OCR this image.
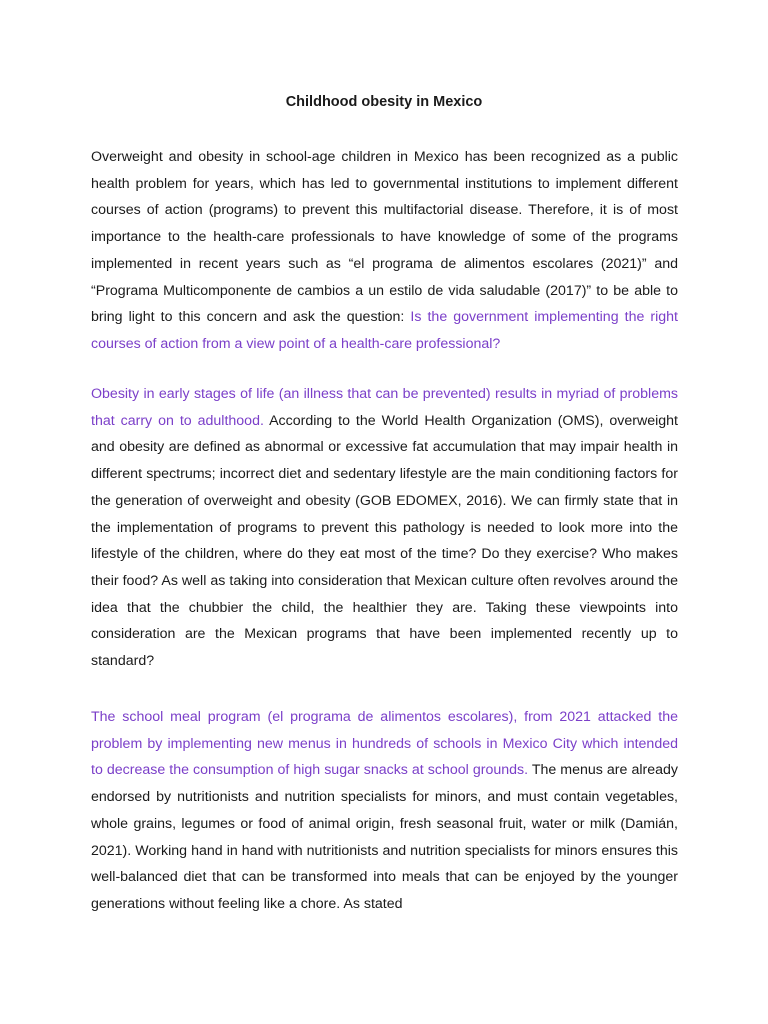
Childhood obesity in Mexico

Overweight and obesity in school-age children in Mexico has been recognized as a public health problem for years, which has led to governmental institutions to implement different courses of action (programs) to prevent this multifactorial disease. Therefore, it is of most importance to the health-care professionals to have knowledge of some of the programs implemented in recent years such as “el programa de alimentos escolares (2021)” and “Programa Multicomponente de cambios a un estilo de vida saludable (2017)” to be able to bring light to this concern and ask the question: Is the government implementing the right courses of action from a view point of a health-care professional?

Obesity in early stages of life (an illness that can be prevented) results in myriad of problems that carry on to adulthood. According to the World Health Organization (OMS), overweight and obesity are defined as abnormal or excessive fat accumulation that may impair health in different spectrums; incorrect diet and sedentary lifestyle are the main conditioning factors for the generation of overweight and obesity (GOB EDOMEX, 2016). We can firmly state that in the implementation of programs to prevent this pathology is needed to look more into the lifestyle of the children, where do they eat most of the time? Do they exercise? Who makes their food? As well as taking into consideration that Mexican culture often revolves around the idea that the chubbier the child, the healthier they are. Taking these viewpoints into consideration are the Mexican programs that have been implemented recently up to standard?

The school meal program (el programa de alimentos escolares), from 2021 attacked the problem by implementing new menus in hundreds of schools in Mexico City which intended to decrease the consumption of high sugar snacks at school grounds. The menus are already endorsed by nutritionists and nutrition specialists for minors, and must contain vegetables, whole grains, legumes or food of animal origin, fresh seasonal fruit, water or milk (Damián, 2021). Working hand in hand with nutritionists and nutrition specialists for minors ensures this well-balanced diet that can be transformed into meals that can be enjoyed by the younger generations without feeling like a chore. As stated
